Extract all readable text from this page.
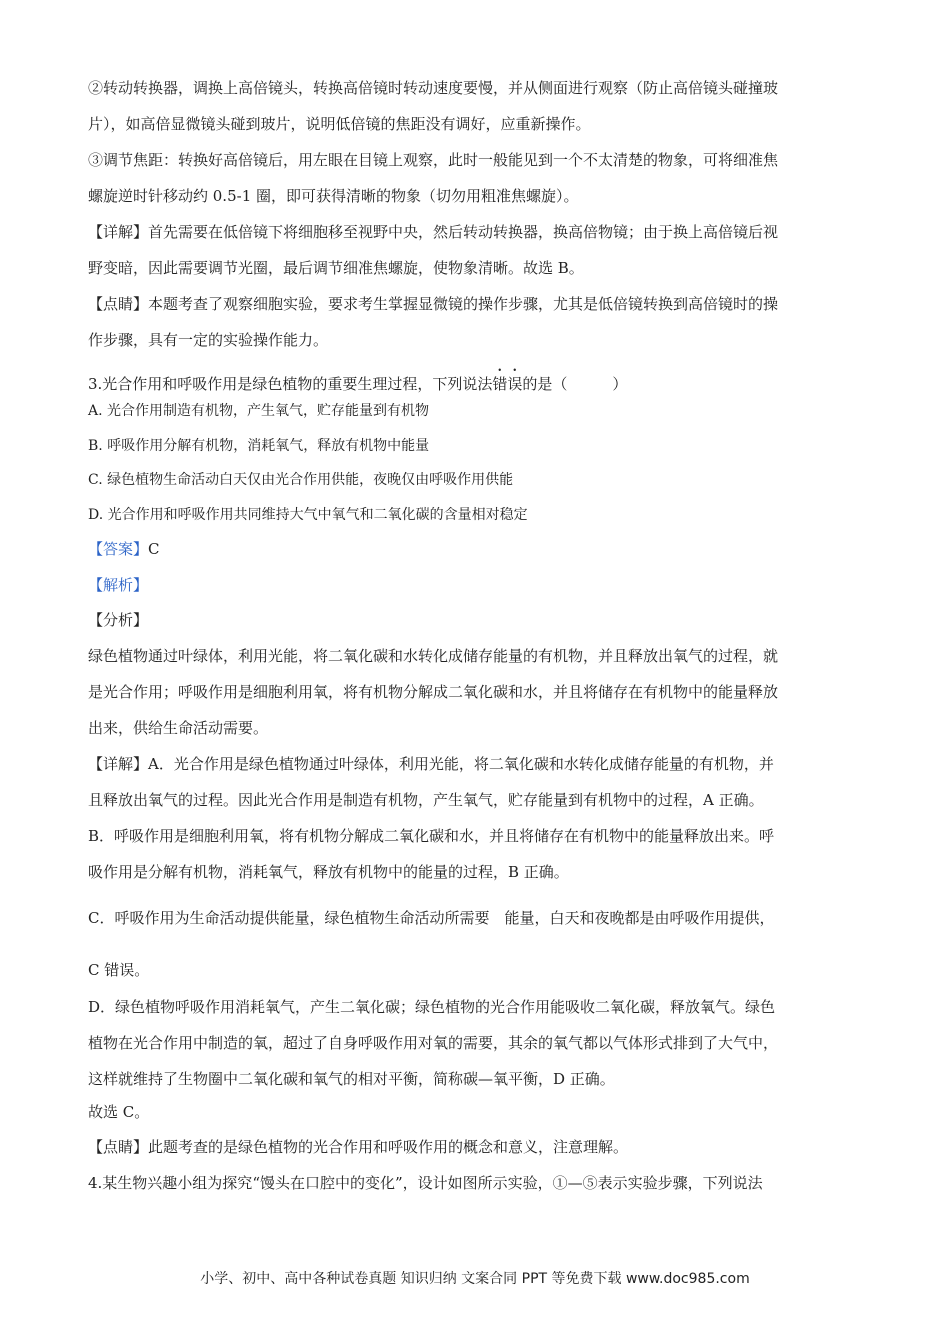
②转动转换器，调换上高倍镜头，转换高倍镜时转动速度要慢，并从侧面进行观察（防止高倍镜头碰撞玻
片），如高倍显微镜头碰到玻片，说明低倍镜的焦距没有调好，应重新操作。
③调节焦距：转换好高倍镜后，用左眼在目镜上观察，此时一般能见到一个不太清楚的物象，可将细准焦
螺旋逆时针移动约 0.5-1 圈，即可获得清晰的物象（切勿用粗准焦螺旋）。
【详解】首先需要在低倍镜下将细胞移至视野中央，然后转动转换器，换高倍物镜；由于换上高倍镜后视
野变暗，因此需要调节光圈，最后调节细准焦螺旋，使物象清晰。故选 B。
【点睛】本题考查了观察细胞实验，要求考生掌握显微镜的操作步骤，尤其是低倍镜转换到高倍镜时的操
作步骤，具有一定的实验操作能力。
3.光合作用和呼吸作用是绿色植物的重要生理过程，下列说法错误的是（　　　）
A. 光合作用制造有机物，产生氧气，贮存能量到有机物
B. 呼吸作用分解有机物，消耗氧气，释放有机物中能量
C. 绿色植物生命活动白天仅由光合作用供能，夜晚仅由呼吸作用供能
D. 光合作用和呼吸作用共同维持大气中氧气和二氧化碳的含量相对稳定
【答案】C
【解析】
【分析】
绿色植物通过叶绿体，利用光能，将二氧化碳和水转化成储存能量的有机物，并且释放出氧气的过程，就
是光合作用；呼吸作用是细胞利用氧，将有机物分解成二氧化碳和水，并且将储存在有机物中的能量释放
出来，供给生命活动需要。
【详解】A．光合作用是绿色植物通过叶绿体，利用光能，将二氧化碳和水转化成储存能量的有机物，并
且释放出氧气的过程。因此光合作用是制造有机物，产生氧气，贮存能量到有机物中的过程，A 正确。
B．呼吸作用是细胞利用氧，将有机物分解成二氧化碳和水，并且将储存在有机物中的能量释放出来。呼
吸作用是分解有机物，消耗氧气，释放有机物中的能量的过程，B 正确。
C．呼吸作用为生命活动提供能量，绿色植物生命活动所需要　能量，白天和夜晚都是由呼吸作用提供，
C 错误。
D．绿色植物呼吸作用消耗氧气，产生二氧化碳；绿色植物的光合作用能吸收二氧化碳，释放氧气。绿色
植物在光合作用中制造的氧，超过了自身呼吸作用对氧的需要，其余的氧气都以气体形式排到了大气中，
这样就维持了生物圈中二氧化碳和氧气的相对平衡，简称碳—氧平衡，D 正确。
故选 C。
【点睛】此题考查的是绿色植物的光合作用和呼吸作用的概念和意义，注意理解。
4.某生物兴趣小组为探究“馒头在口腔中的变化”，设计如图所示实验，①—⑤表示实验步骤，下列说法
小学、初中、高中各种试卷真题 知识归纳 文案合同 PPT 等免费下载 www.doc985.com
